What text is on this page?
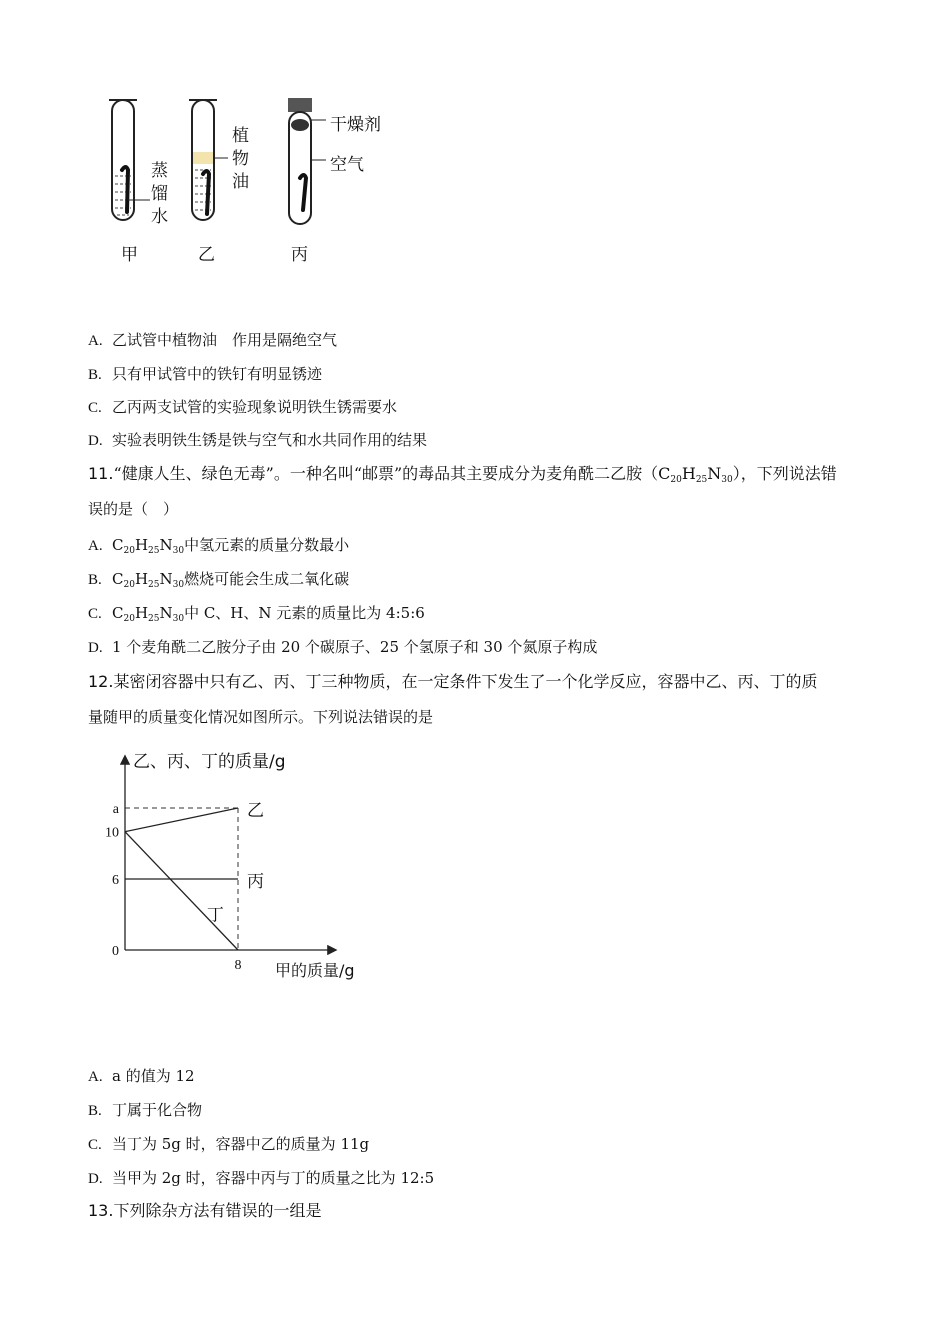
蒸馏水
植物油
干燥剂
空气
甲	乙	丙
A. 乙试管中植物油　作用是隔绝空气
B. 只有甲试管中的铁钉有明显锈迹
C. 乙丙两支试管的实验现象说明铁生锈需要水
D. 实验表明铁生锈是铁与空气和水共同作用的结果
11.“健康人生、绿色无毒”。一种名叫“邮票”的毒品其主要成分为麦角酰二乙胺$(C_{20}H_{25}N_{30})$，下列说法错
误的是（　）
A. $C_{20}H_{25}N_{30}$中氢元素的质量分数最小
B. $C_{20}H_{25}N_{30}$燃烧可能会生成二氧化碳
C. $C_{20}H_{25}N_{30}$中 C、H、N 元素的质量比为 4:5:6
D. 1 个麦角酰二乙胺分子由 20 个碳原子、25 个氢原子和 30 个氮原子构成
12.某密闭容器中只有乙、丙、丁三种物质，在一定条件下发生了一个化学反应，容器中乙、丙、丁的质
量随甲的质量变化情况如图所示。下列说法错误的是
乙、丙、丁的质量/g
甲的质量/g
乙
丙
丁
0
6
10
a
8
A. a 的值为 12
B. 丁属于化合物
C. 当丁为 5g 时，容器中乙的质量为 11g
D. 当甲为 2g 时，容器中丙与丁的质量之比为 12:5
13.下列除杂方法有错误的一组是
